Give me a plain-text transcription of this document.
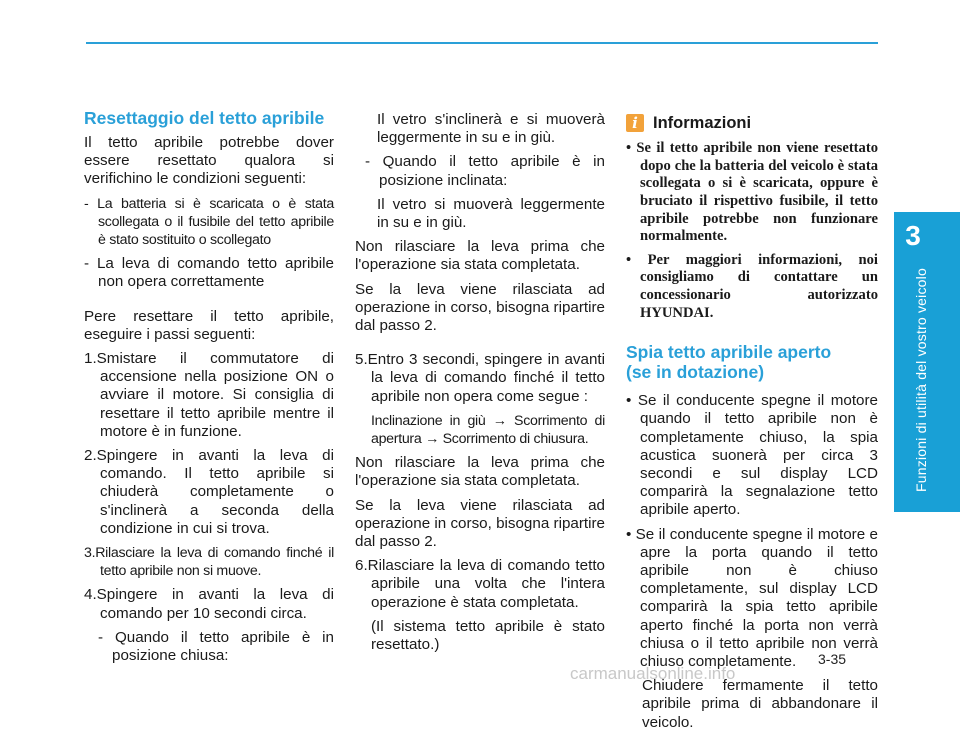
3
Funzioni di utilità del vostro veicolo

Resettaggio del tetto apribile

Il tetto apribile potrebbe dover essere resettato qualora si verifichino le condizioni seguenti:

- La batteria si è scaricata o è stata scollegata o il fusibile del tetto apribile è stato sostituito o scollegato

- La leva di comando tetto apribile non opera correttamente

Pere resettare il tetto apribile, eseguire i passi seguenti:

1.Smistare il commutatore di accensione nella posizione ON o avviare il motore. Si consiglia di resettare il tetto apribile mentre il motore è in funzione.

2.Spingere in avanti la leva di comando. Il tetto apribile si chiuderà completamente o s'inclinerà a seconda della condizione in cui si trova.

3.Rilasciare la leva di comando finché il tetto apribile non si muove.

4.Spingere in avanti la leva di comando per 10 secondi circa.

- Quando il tetto apribile è in posizione chiusa:

Il vetro s'inclinerà e si muoverà leggermente in su e in giù.

- Quando il tetto apribile è in posizione inclinata:

Il vetro si muoverà leggermente in su e in giù.

Non rilasciare la leva prima che l'operazione sia stata completata.

Se la leva viene rilasciata ad operazione in corso, bisogna ripartire dal passo 2.

5.Entro 3 secondi, spingere in avanti la leva di comando finché il tetto apribile non opera come segue :

Inclinazione in giù → Scorrimento di apertura → Scorrimento di chiusura.

Non rilasciare la leva prima che l'operazione sia stata completata.

Se la leva viene rilasciata ad operazione in corso, bisogna ripartire dal passo 2.

6.Rilasciare la leva di comando tetto apribile una volta che l'intera operazione è stata completata.

(Il sistema tetto apribile è stato resettato.)

i Informazioni

• Se il tetto apribile non viene resettato dopo che la batteria del veicolo è stata scollegata o si è scaricata, oppure è bruciato il rispettivo fusibile, il tetto apribile potrebbe non funzionare normalmente.

• Per maggiori informazioni, noi consigliamo di contattare un concessionario autorizzato HYUNDAI.

Spia tetto apribile aperto
(se in dotazione)

• Se il conducente spegne il motore quando il tetto apribile non è completamente chiuso, la spia acustica suonerà per circa 3 secondi e sul display LCD comparirà la segnalazione tetto apribile aperto.

• Se il conducente spegne il motore e apre la porta quando il tetto apribile non è chiuso completamente, sul display LCD comparirà la spia tetto apribile aperto finché la porta non verrà chiusa o il tetto apribile non verrà chiuso completamente.

Chiudere fermamente il tetto apribile prima di abbandonare il veicolo.

3-35
carmanualsonline.info
